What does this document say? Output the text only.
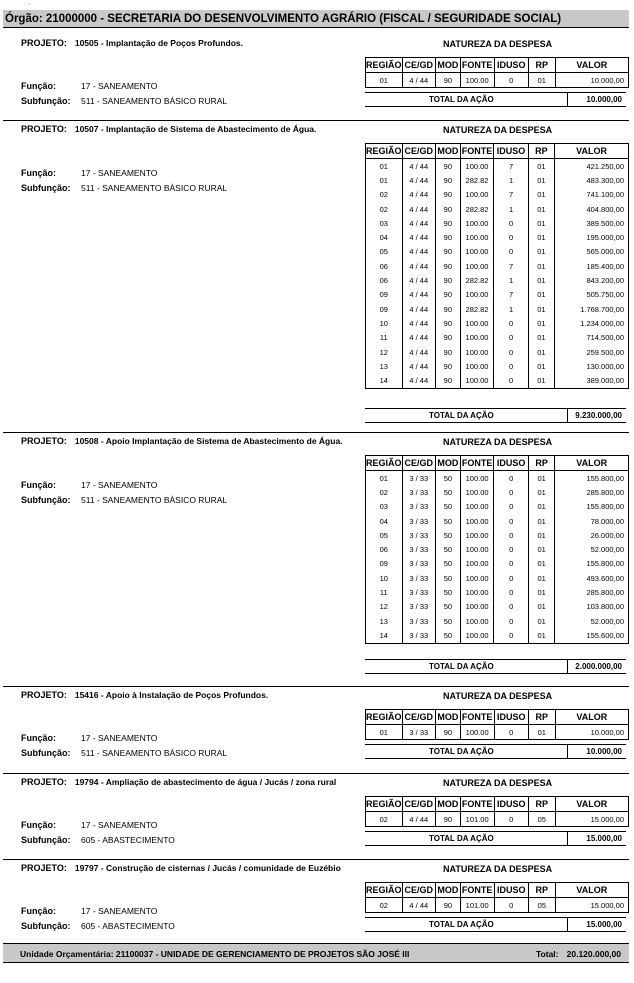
·
Órgão: 21000000 - SECRETARIA DO DESENVOLVIMENTO AGRÁRIO (FISCAL / SEGURIDADE SOCIAL)
PROJETO: 10505 - Implantação de Poços Profundos.	NATUREZA DA DESPESA
REGIÃO	CE/GD	MOD	FONTE	IDUSO	RP	VALOR
01	4 / 44	90	100.00	0	01	10.000,00
Função:	17 - SANEAMENTO
Subfunção: 511 - SANEAMENTO BÁSICO RURAL	TOTAL DA AÇÃO	10.000,00
PROJETO: 10507 - Implantação de Sistema de Abastecimento de Água.	NATUREZA DA DESPESA
REGIÃO	CE/GD	MOD	FONTE	IDUSO	RP	VALOR
01	4 / 44	90	100.00	7	01	421.250,00
01	4 / 44	90	282.82	1	01	483.300,00
02	4 / 44	90	100.00	7	01	741.100,00
02	4 / 44	90	282.82	1	01	404.800,00
03	4 / 44	90	100.00	0	01	389.500,00
04	4 / 44	90	100.00	0	01	195.000,00
05	4 / 44	90	100.00	0	01	565.000,00
06	4 / 44	90	100.00	7	01	185.400,00
06	4 / 44	90	282.82	1	01	843.200,00
09	4 / 44	90	100.00	7	01	505.750,00
09	4 / 44	90	282.82	1	01	1.768.700,00
10	4 / 44	90	100.00	0	01	1.234.000,00
11	4 / 44	90	100.00	0	01	714.500,00
12	4 / 44	90	100.00	0	01	259.500,00
13	4 / 44	90	100.00	0	01	130.000,00
14	4 / 44	90	100.00	0	01	389.000,00
Função:	17 - SANEAMENTO
Subfunção: 511 - SANEAMENTO BÁSICO RURAL
TOTAL DA AÇÃO	9.230.000,00
PROJETO: 10508 - Apoio Implantação de Sistema de Abastecimento de Água.	NATUREZA DA DESPESA
REGIÃO	CE/GD	MOD	FONTE	IDUSO	RP	VALOR
01	3 / 33	50	100.00	0	01	155.800,00
02	3 / 33	50	100.00	0	01	285.800,00
03	3 / 33	50	100.00	0	01	155.800,00
04	3 / 33	50	100.00	0	01	78.000,00
05	3 / 33	50	100.00	0	01	26.000,00
06	3 / 33	50	100.00	0	01	52.000,00
09	3 / 33	50	100.00	0	01	155.800,00
10	3 / 33	50	100.00	0	01	493.600,00
11	3 / 33	50	100.00	0	01	285.800,00
12	3 / 33	50	100.00	0	01	103.800,00
13	3 / 33	50	100.00	0	01	52.000,00
14	3 / 33	50	100.00	0	01	155.600,00
Função:	17 - SANEAMENTO
Subfunção: 511 - SANEAMENTO BÁSICO RURAL
TOTAL DA AÇÃO	2.000.000,00
PROJETO: 15416 - Apoio à Instalação de Poços Profundos.	NATUREZA DA DESPESA
REGIÃO	CE/GD	MOD	FONTE	IDUSO	RP	VALOR
01	3 / 33	90	100.00	0	01	10.000,00
Função:	17 - SANEAMENTO
Subfunção: 511 - SANEAMENTO BÁSICO RURAL	TOTAL DA AÇÃO	10.000,00
PROJETO: 19794 - Ampliação de abastecimento de água / Jucás / zona rural	NATUREZA DA DESPESA
REGIÃO	CE/GD	MOD	FONTE	IDUSO	RP	VALOR
02	4 / 44	90	101.00	0	05	15.000,00
Função:	17 - SANEAMENTO
Subfunção: 605 - ABASTECIMENTO	TOTAL DA AÇÃO	15.000,00
PROJETO: 19797 - Construção de cisternas / Jucás / comunidade de Euzébio	NATUREZA DA DESPESA
REGIÃO	CE/GD	MOD	FONTE	IDUSO	RP	VALOR
02	4 / 44	90	101.00	0	05	15.000,00
Função:	17 - SANEAMENTO
Subfunção: 605 - ABASTECIMENTO	TOTAL DA AÇÃO	15.000,00
Unidade Orçamentária: 21100037 - UNIDADE DE GERENCIAMENTO DE PROJETOS SÃO JOSÉ III	Total: 20.120.000,00
